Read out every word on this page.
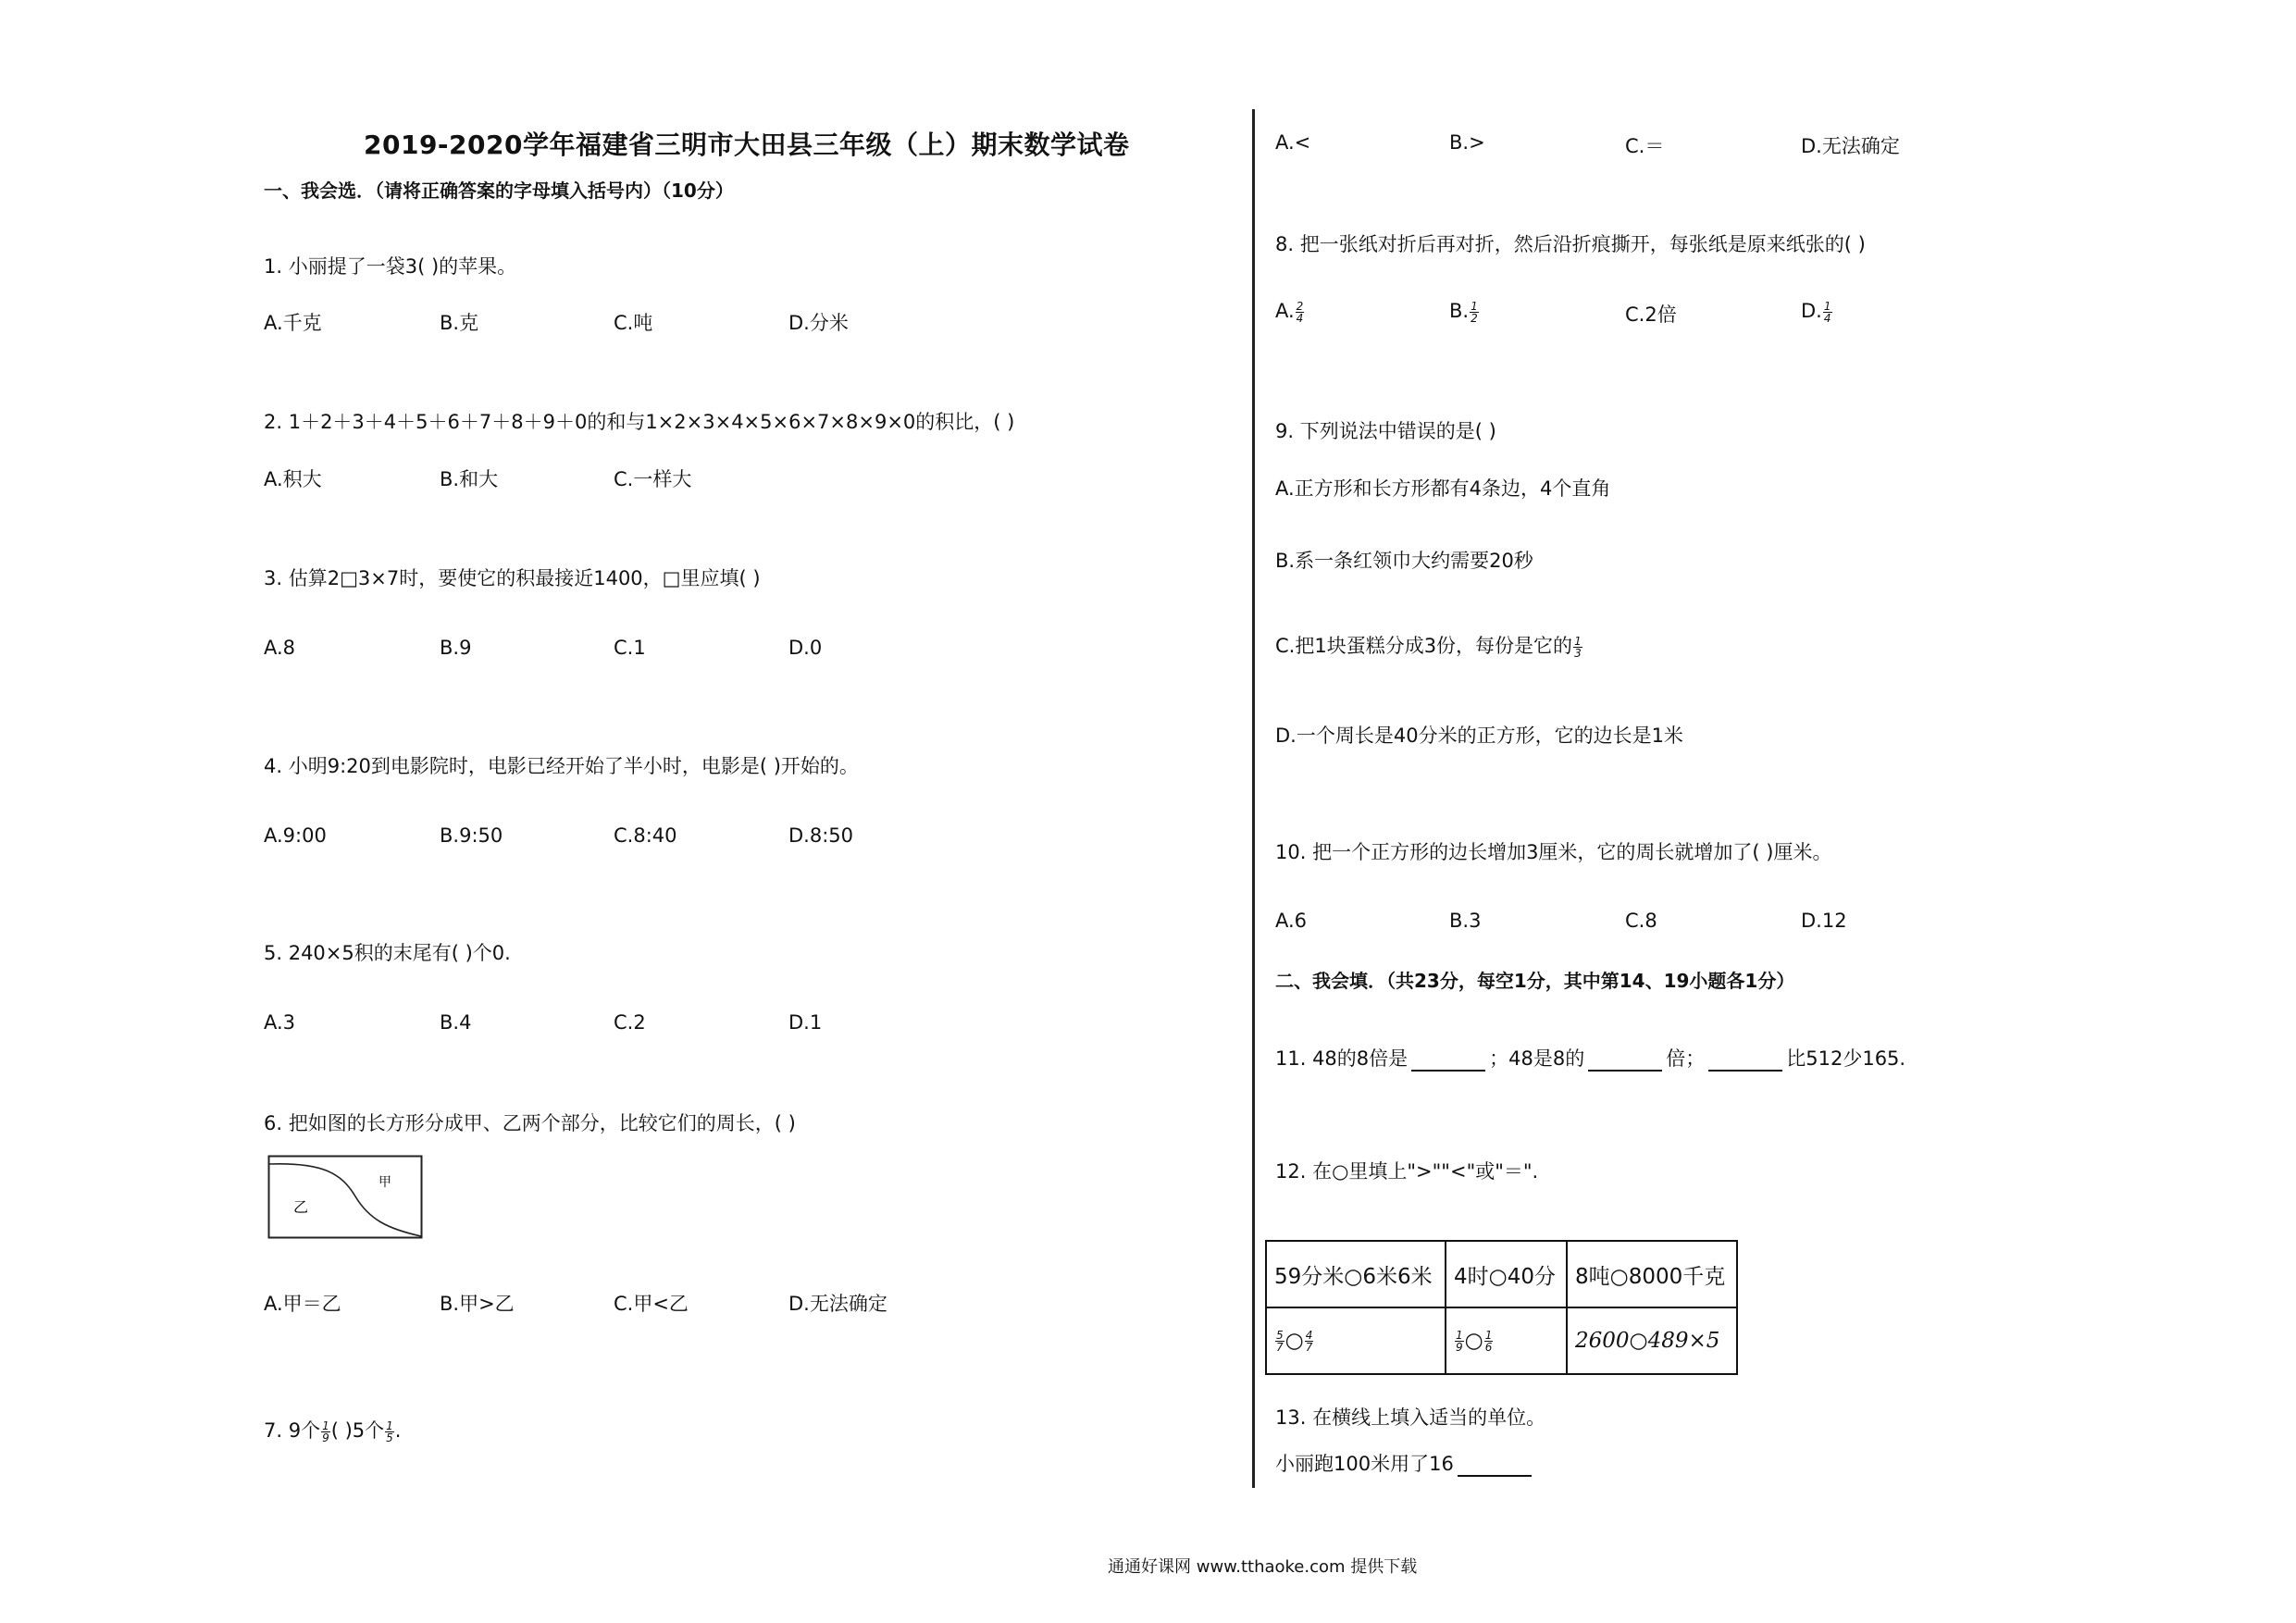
2019-2020学年福建省三明市大田县三年级（上）期末数学试卷
一、我会选．（请将正确答案的字母填入括号内）（10分）
1. 小丽提了一袋3( )的苹果。
A.千克	B.克	C.吨	D.分米
2. 1＋2＋3＋4＋5＋6＋7＋8＋9＋0的和与1×2×3×4×5×6×7×8×9×0的积比，( )
A.积大	B.和大	C.一样大
3. 估算2□3×7时，要使它的积最接近1400，□里应填( )
A.8	B.9	C.1	D.0
4. 小明9:20到电影院时，电影已经开始了半小时，电影是( )开始的。
A.9:00	B.9:50	C.8:40	D.8:50
5. 240×5积的末尾有( )个0.
A.3	B.4	C.2	D.1
6. 把如图的长方形分成甲、乙两个部分，比较它们的周长，( )
乙
甲
A.甲＝乙	B.甲>乙	C.甲<乙	D.无法确定
7. 9个 $\frac{1}{9}$ ( )5个 $\frac{1}{5}$ .
A.<	B.>	C.＝	D.无法确定
8. 把一张纸对折后再对折，然后沿折痕撕开，每张纸是原来纸张的( )
A. $\frac{2}{4}$	B. $\frac{1}{2}$	C.2倍	D. $\frac{1}{4}$
9. 下列说法中错误的是( )
A.正方形和长方形都有4条边，4个直角
B.系一条红领巾大约需要20秒
C.把1块蛋糕分成3份，每份是它的 $\frac{1}{3}$
D.一个周长是40分米的正方形，它的边长是1米
10. 把一个正方形的边长增加3厘米，它的周长就增加了( )厘米。
A.6	B.3	C.8	D.12
二、我会填．（共23分，每空1分，其中第14、19小题各1分）
11. 48的8倍是	；48是8的	倍；	比512少165.
12. 在○里填上">""<"或"＝".
59分米○6米6米	4时○40分	8吨○8000千克

$\frac{5}{7}$ ○ $\frac{4}{7}$	$\frac{1}{9}$ ○ $\frac{1}{6}$	2600○489×5
13. 在横线上填入适当的单位。
小丽跑100米用了16
通通好课网 www.tthaoke.com 提供下载
